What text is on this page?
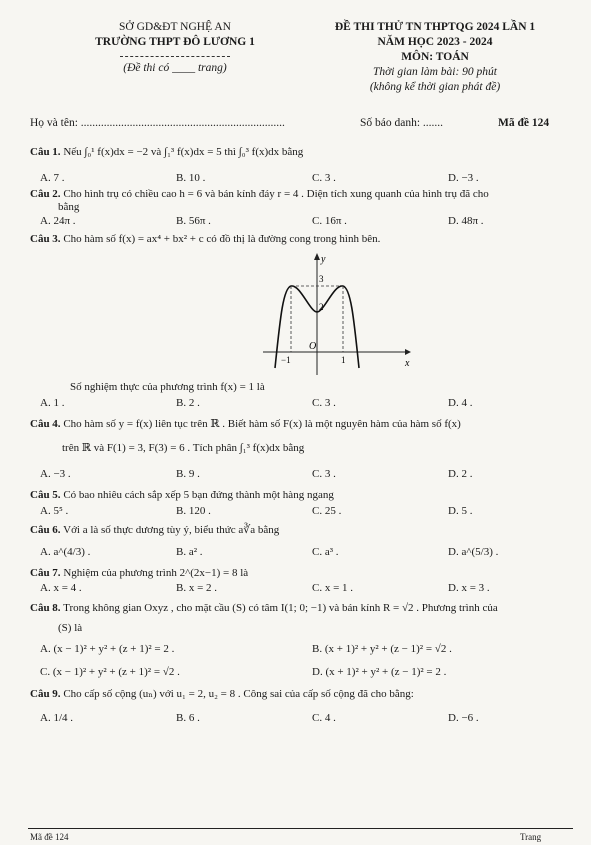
SỞ GD&ĐT NGHỆ AN
TRƯỜNG THPT ĐÔ LƯƠNG 1
(Đề thi có ____ trang)
ĐỀ THI THỬ TN THPTQG 2024 LẦN 1
NĂM HỌC 2023 - 2024
MÔN: TOÁN
Thời gian làm bài: 90 phút
(không kể thời gian phát đề)
Họ và tên: .......................................................................	Số báo danh: .......	Mã đề 124
Câu 1. Nếu ∫₀¹ f(x)dx = −2 và ∫₁³ f(x)dx = 5 thì ∫₀³ f(x)dx bằng
A. 7 .	B. 10 .	C. 3 .	D. −3 .
Câu 2. Cho hình trụ có chiều cao h = 6 và bán kính đáy r = 4 . Diện tích xung quanh của hình trụ đã cho
bằng
A. 24π .	B. 56π .	C. 16π .	D. 48π .
Câu 3. Cho hàm số f(x) = ax⁴ + bx² + c có đồ thị là đường cong trong hình bên.
y
x
O
3
2
−1	1
Số nghiệm thực của phương trình f(x) = 1 là
A. 1 .	B. 2 .	C. 3 .	D. 4 .
Câu 4. Cho hàm số y = f(x) liên tục trên ℝ . Biết hàm số F(x) là một nguyên hàm của hàm số f(x)
trên ℝ và F(1) = 3, F(3) = 6 . Tích phân ∫₁³ f(x)dx bằng
A. −3 .	B. 9 .	C. 3 .	D. 2 .
Câu 5. Có bao nhiêu cách sắp xếp 5 bạn đứng thành một hàng ngang
A. 5⁵ .	B. 120 .	C. 25 .	D. 5 .
Câu 6. Với a là số thực dương tùy ý, biểu thức a∛a bằng
A. a^(4/3) .	B. a² .	C. a³ .	D. a^(5/3) .
Câu 7. Nghiệm của phương trình 2^(2x−1) = 8 là
A. x = 4 .	B. x = 2 .	C. x = 1 .	D. x = 3 .
Câu 8. Trong không gian Oxyz , cho mặt cầu (S) có tâm I(1; 0; −1) và bán kính R = √2 . Phương trình của
(S) là
A. (x − 1)² + y² + (z + 1)² = 2 .	B. (x + 1)² + y² + (z − 1)² = √2 .
C. (x − 1)² + y² + (z + 1)² = √2 .	D. (x + 1)² + y² + (z − 1)² = 2 .
Câu 9. Cho cấp số cộng (uₙ) với u₁ = 2, u₂ = 8 . Công sai của cấp số cộng đã cho bằng:
A. 1/4 .	B. 6 .	C. 4 .	D. −6 .
Mã đề 124	Trang
